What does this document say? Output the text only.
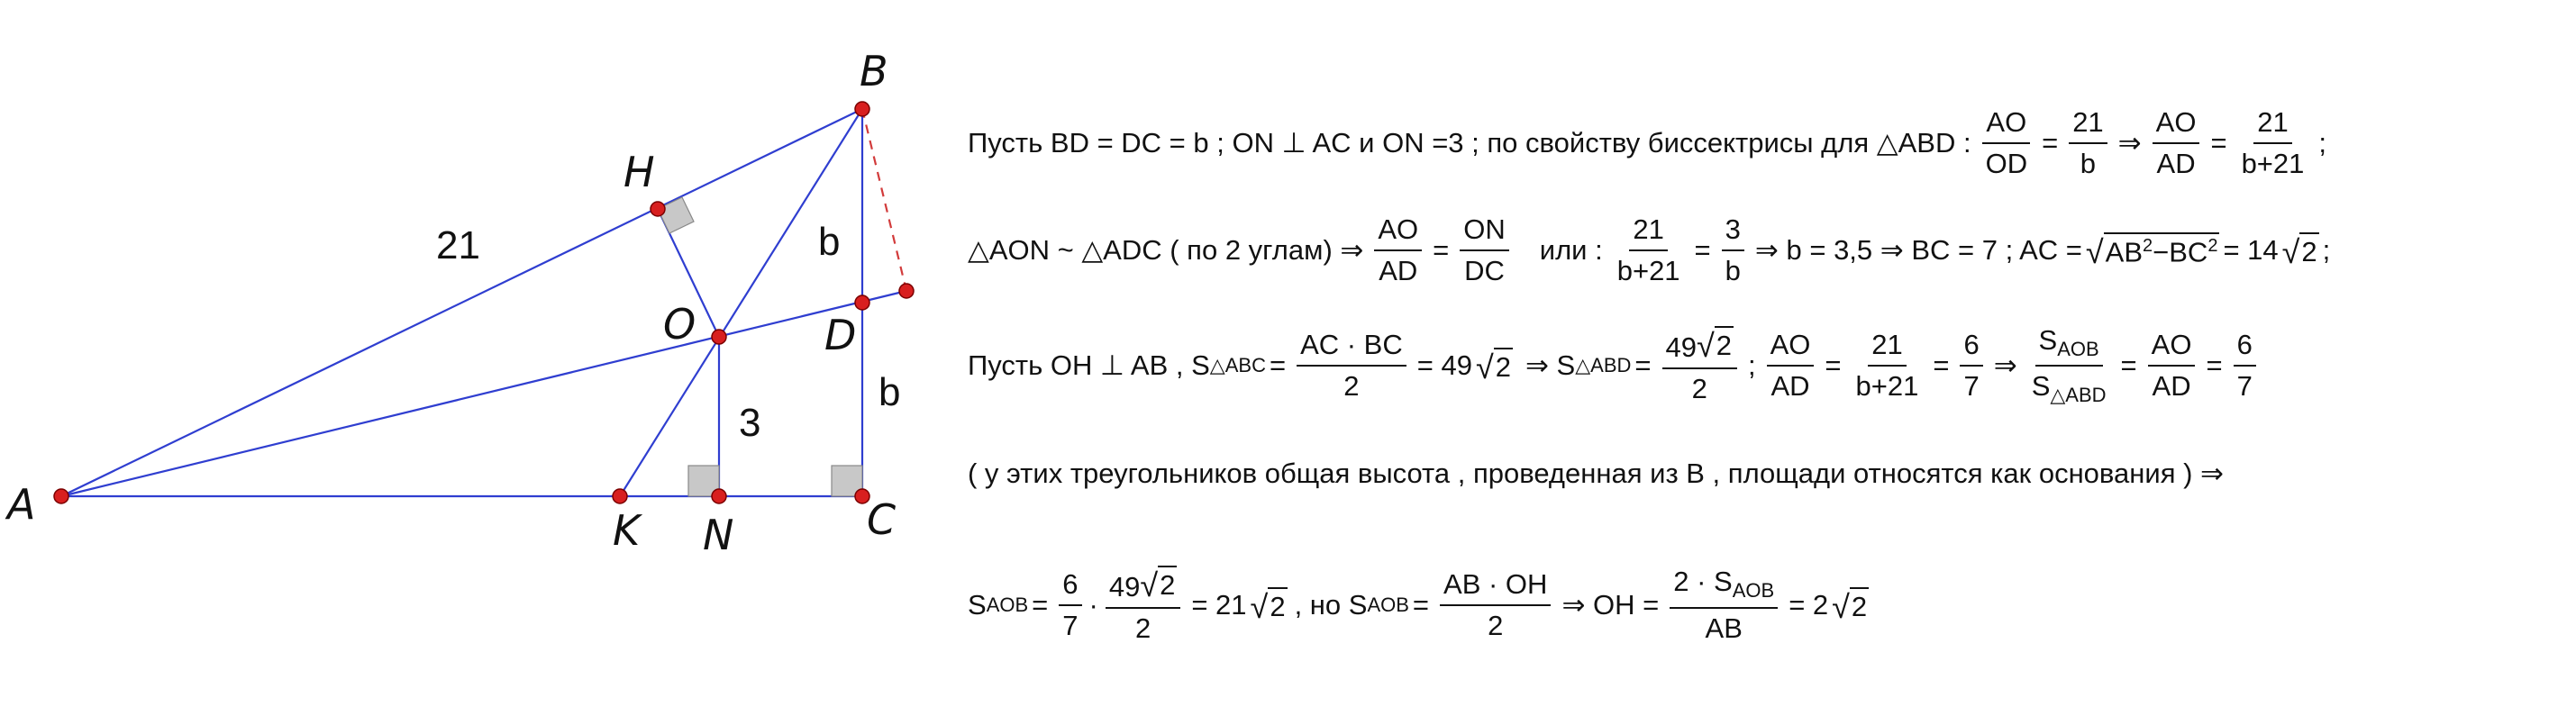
A
B
H
O	D
K N	C
21	b
b
3
Пусть BD = DC = b ; ON ⊥ AC и ON =3 ; по свойству биссектрисы для △ABD : $\frac{AO}{OD} = \frac{21}{b}$ ⇒ $\frac{AO}{AD} = \frac{21}{b+21}$ ;
△AON ~ △ADC ( по 2 углам) ⇒ $\frac{AO}{AD} = \frac{ON}{DC}$ или : $\frac{21}{b+21} = \frac{3}{b}$ ⇒ b = 3,5 ⇒ BC = 7 ; AC = √ $AB^2-BC^2 = 14$ √ 2 ;
Пусть OH ⊥ AB , S △ABC = $\frac{AC \cdot BC}{2} = 49$ √ 2 ⇒ S △ABD = $\frac{49 √ 2}{2}$ ; $\frac{AO}{AD} = \frac{21}{b+21} = \frac{6}{7}$ ⇒ $\frac{S_{AOB}}{S_{\triangle ABD}} = \frac{AO}{AD} = \frac{6}{7}$
( у этих треугольников общая высота , проведенная из B , площади относятся как основания ) ⇒
S AOB = $\frac{6}{7} \cdot \frac{49 √ 2}{2} = 21$ √ 2 , но S AOB = $\frac{AB \cdot OH}{2}$ ⇒ OH = $\frac{2 \cdot S_{AOB}}{AB} = 2$ √ 2
